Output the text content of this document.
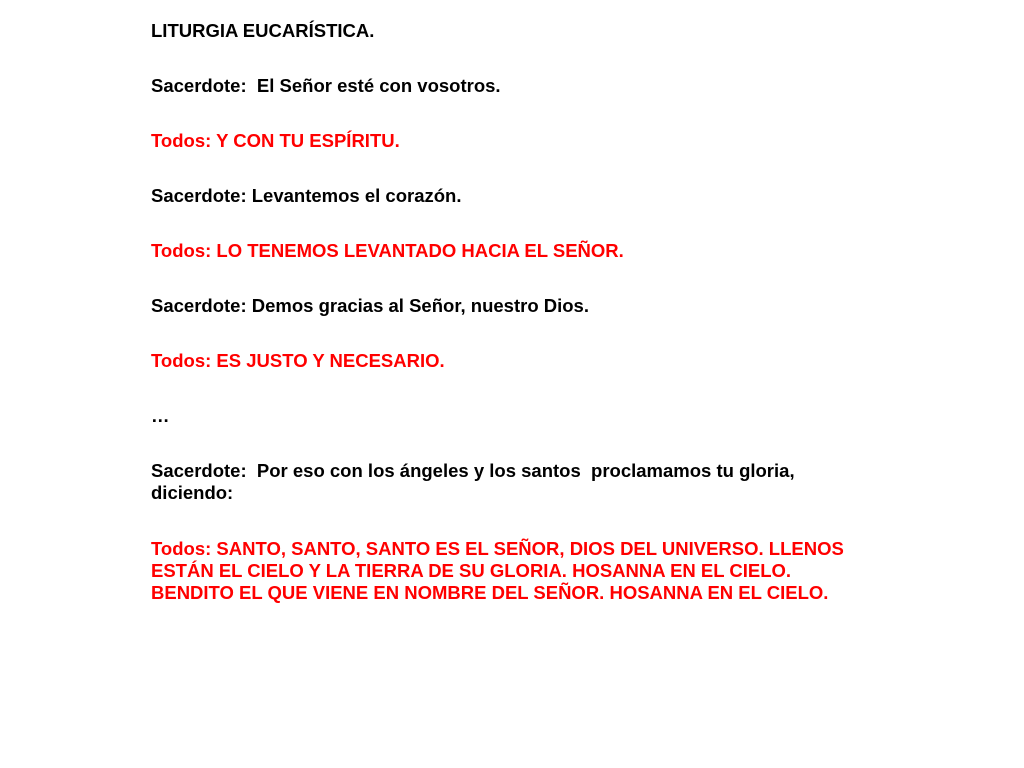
LITURGIA EUCARÍSTICA.

Sacerdote:  El Señor esté con vosotros.

Todos: Y CON TU ESPÍRITU.

Sacerdote: Levantemos el corazón.

Todos: LO TENEMOS LEVANTADO HACIA EL SEÑOR.

Sacerdote: Demos gracias al Señor, nuestro Dios.

Todos: ES JUSTO Y NECESARIO.

…

Sacerdote:  Por eso con los ángeles y los santos  proclamamos tu gloria, diciendo:

Todos: SANTO, SANTO, SANTO ES EL SEÑOR, DIOS DEL UNIVERSO. LLENOS ESTÁN EL CIELO Y LA TIERRA DE SU GLORIA. HOSANNA EN EL CIELO. BENDITO EL QUE VIENE EN NOMBRE DEL SEÑOR. HOSANNA EN EL CIELO.
